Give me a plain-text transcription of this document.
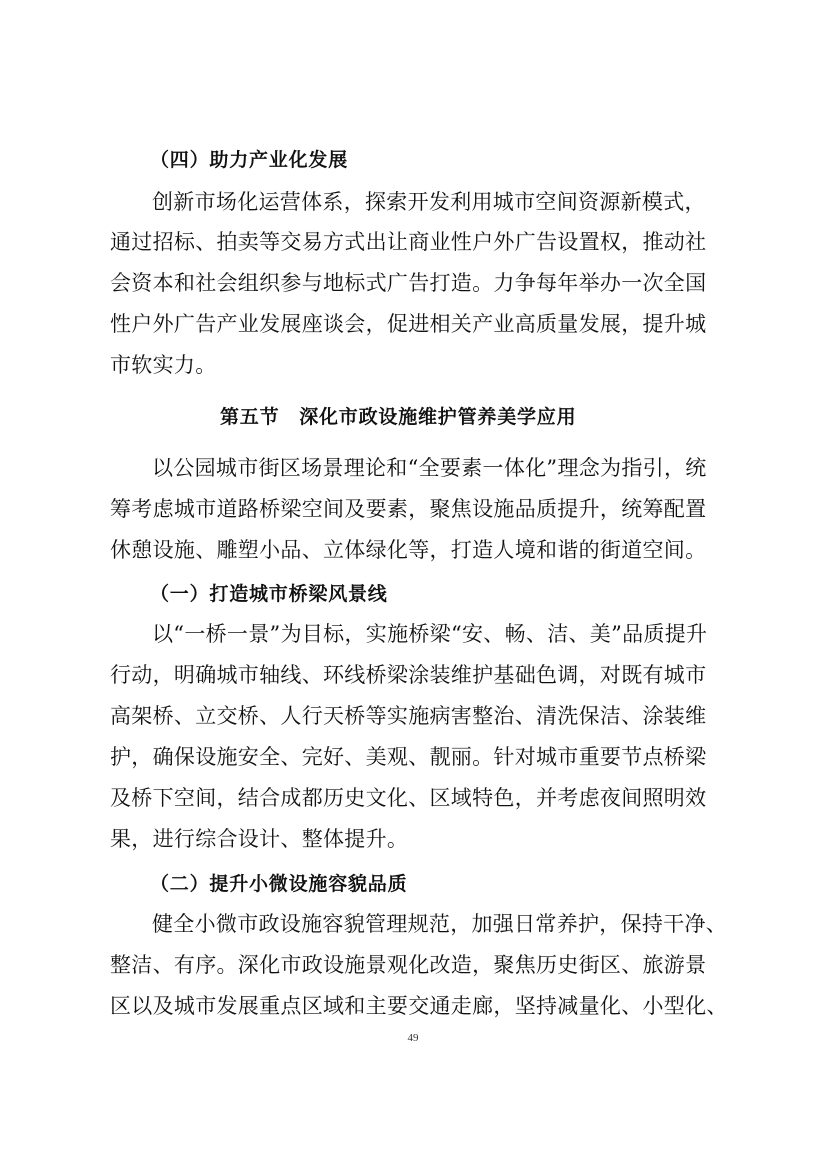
（四）助力产业化发展
创新市场化运营体系，探索开发利用城市空间资源新模式，
通过招标、拍卖等交易方式出让商业性户外广告设置权，推动社
会资本和社会组织参与地标式广告打造。力争每年举办一次全国
性户外广告产业发展座谈会，促进相关产业高质量发展，提升城
市软实力。
第五节　深化市政设施维护管养美学应用
以公园城市街区场景理论和“全要素一体化”理念为指引，统
筹考虑城市道路桥梁空间及要素，聚焦设施品质提升，统筹配置
休憩设施、雕塑小品、立体绿化等，打造人境和谐的街道空间。
（一）打造城市桥梁风景线
以“一桥一景”为目标，实施桥梁“安、畅、洁、美”品质提升
行动，明确城市轴线、环线桥梁涂装维护基础色调，对既有城市
高架桥、立交桥、人行天桥等实施病害整治、清洗保洁、涂装维
护，确保设施安全、完好、美观、靓丽。针对城市重要节点桥梁
及桥下空间，结合成都历史文化、区域特色，并考虑夜间照明效
果，进行综合设计、整体提升。
（二）提升小微设施容貌品质
健全小微市政设施容貌管理规范，加强日常养护，保持干净、
整洁、有序。深化市政设施景观化改造，聚焦历史街区、旅游景
区以及城市发展重点区域和主要交通走廊，坚持减量化、小型化、
49
